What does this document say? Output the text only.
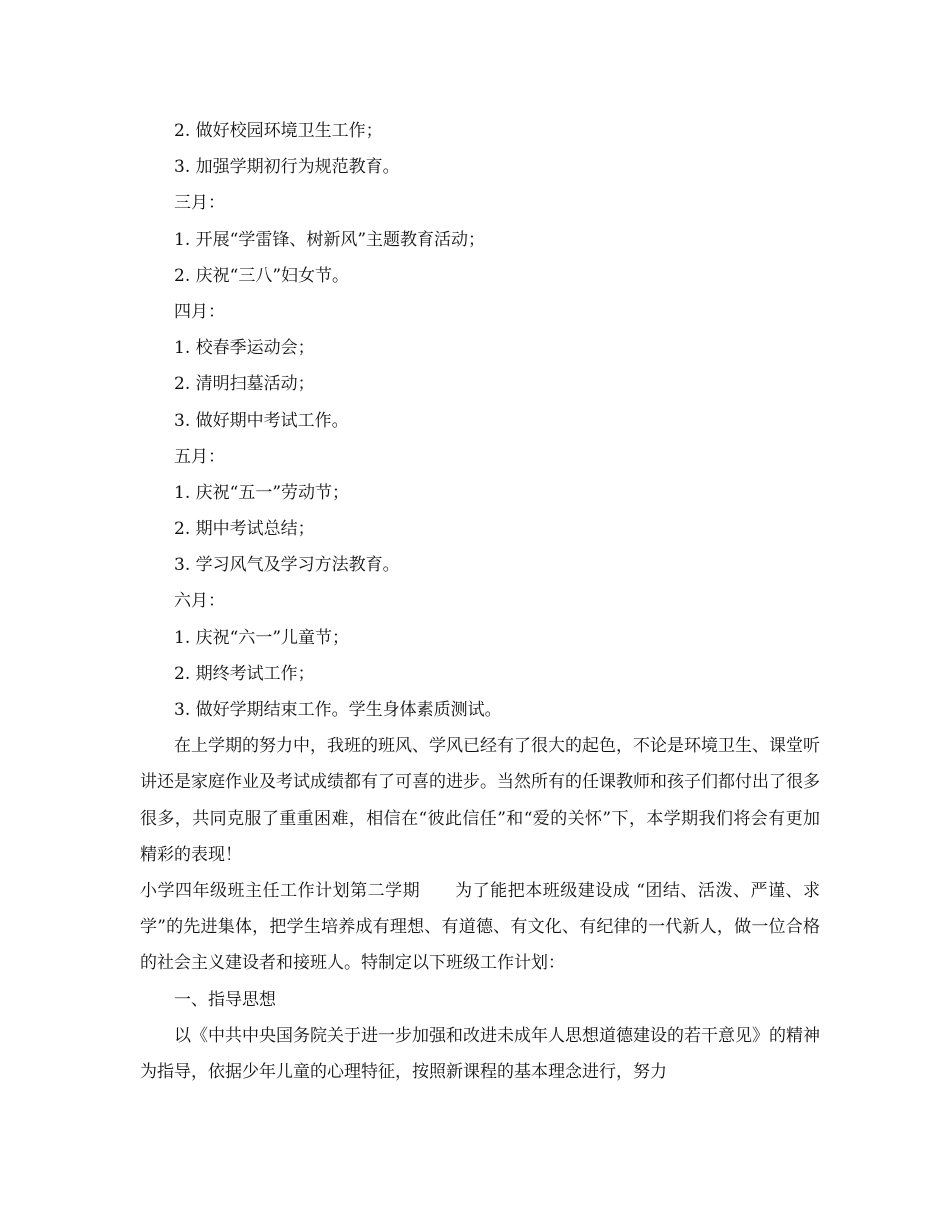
2. 做好校园环境卫生工作；
3. 加强学期初行为规范教育。
三月：
1. 开展“学雷锋、树新风”主题教育活动；
2. 庆祝“三八”妇女节。
四月：
1. 校春季运动会；
2. 清明扫墓活动；
3. 做好期中考试工作。
五月：
1. 庆祝“五一”劳动节；
2. 期中考试总结；
3. 学习风气及学习方法教育。
六月：
1. 庆祝“六一”儿童节；
2. 期终考试工作；
3. 做好学期结束工作。学生身体素质测试。

在上学期的努力中，我班的班风、学风已经有了很大的起色，不论是环境卫生、课堂听讲还是家庭作业及考试成绩都有了可喜的进步。当然所有的任课教师和孩子们都付出了很多很多，共同克服了重重困难，相信在“彼此信任”和“爱的关怀”下，本学期我们将会有更加精彩的表现！

小学四年级班主任工作计划第二学期　　为了能把本班级建设成 “团结、活泼、严谨、求学”的先进集体，把学生培养成有理想、有道德、有文化、有纪律的一代新人，做一位合格的社会主义建设者和接班人。特制定以下班级工作计划：

一、指导思想

以《中共中央国务院关于进一步加强和改进未成年人思想道德建设的若干意见》的精神为指导，依据少年儿童的心理特征，按照新课程的基本理念进行，努力
